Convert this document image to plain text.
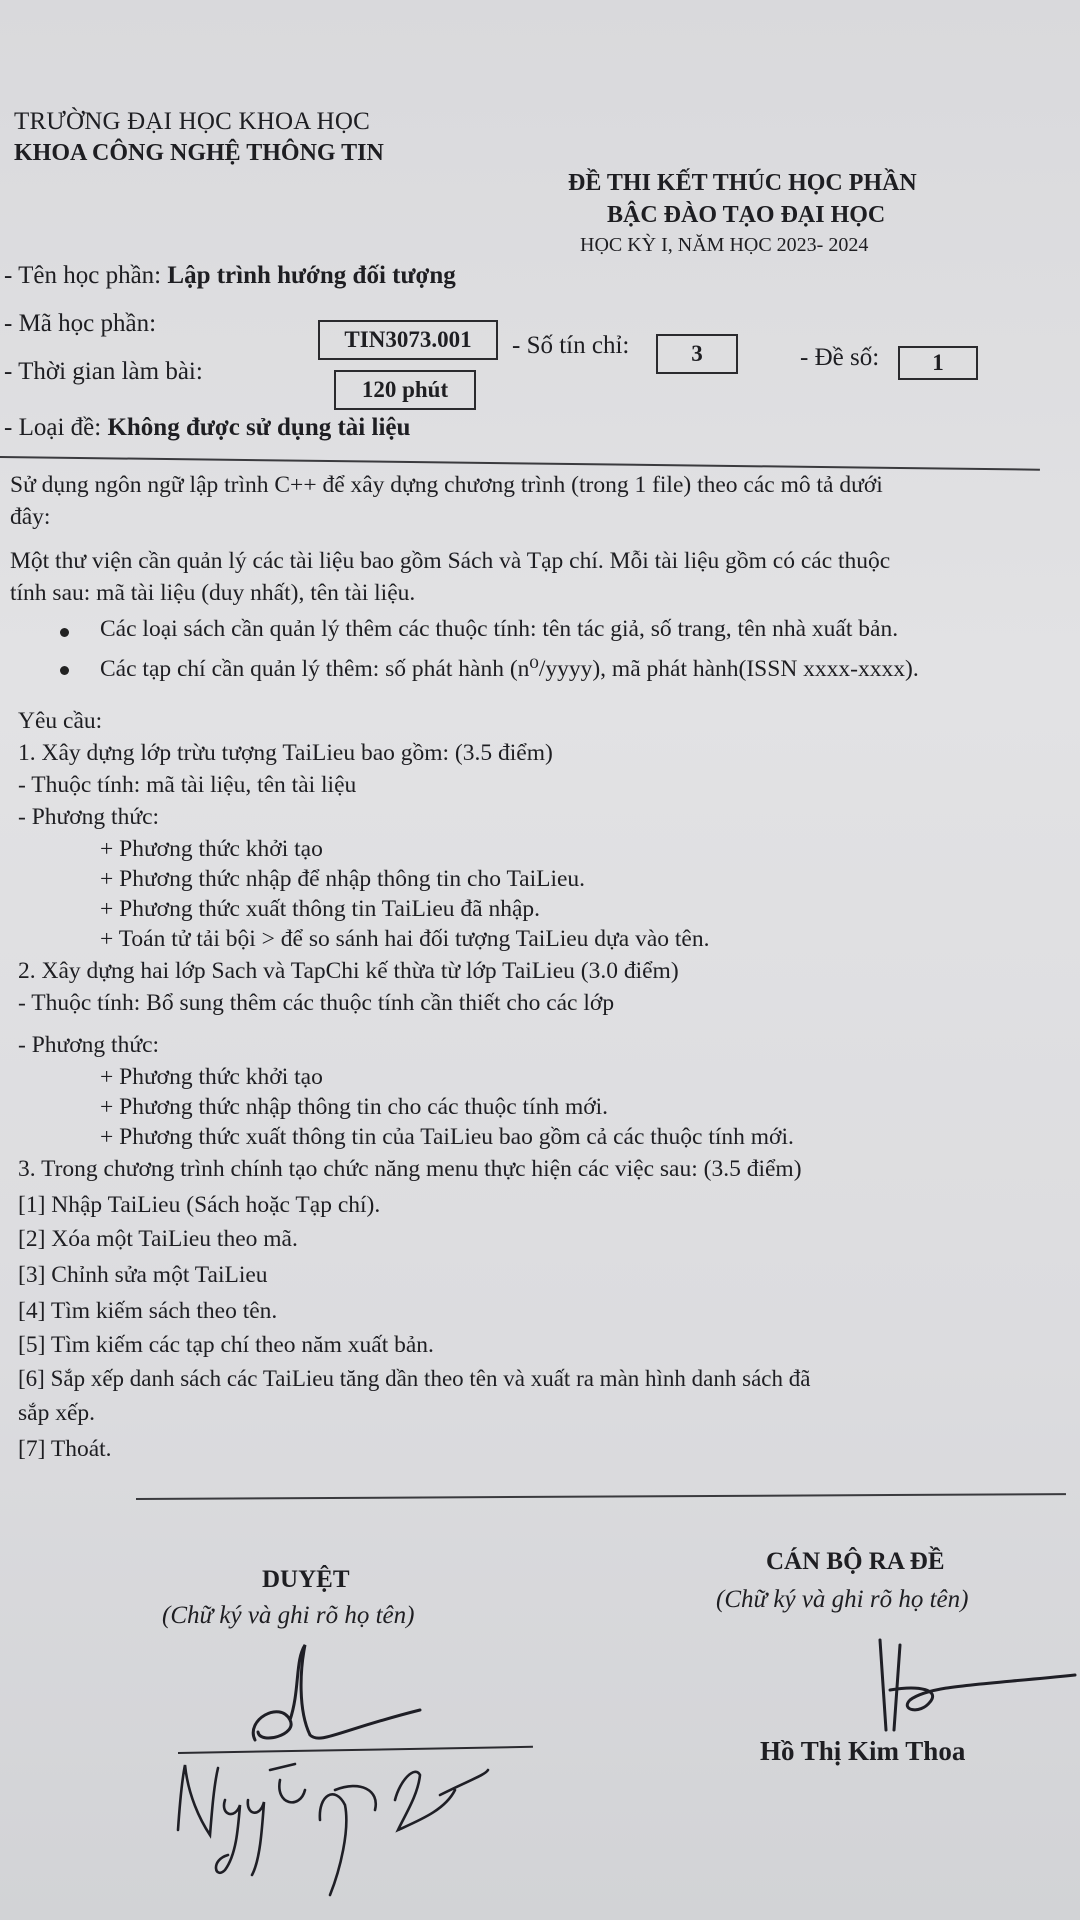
TRƯỜNG ĐẠI HỌC KHOA HỌC
KHOA CÔNG NGHỆ THÔNG TIN
ĐỀ THI KẾT THÚC HỌC PHẦN
BẬC ĐÀO TẠO ĐẠI HỌC
HỌC KỲ I, NĂM HỌC 2023- 2024
- Tên học phần: Lập trình hướng đối tượng
- Mã học phần:
TIN3073.001	- Số tín chỉ:	3	- Đề số:	1
- Thời gian làm bài:
120 phút
- Loại đề: Không được sử dụng tài liệu
Sử dụng ngôn ngữ lập trình C++ để xây dựng chương trình (trong 1 file) theo các mô tả dưới
đây:
Một thư viện cần quản lý các tài liệu bao gồm Sách và Tạp chí. Mỗi tài liệu gồm có các thuộc
tính sau: mã tài liệu (duy nhất), tên tài liệu.
Các loại sách cần quản lý thêm các thuộc tính: tên tác giả, số trang, tên nhà xuất bản.
Các tạp chí cần quản lý thêm: số phát hành (n⁰/yyyy), mã phát hành(ISSN xxxx-xxxx).
Yêu cầu:
1. Xây dựng lớp trừu tượng TaiLieu bao gồm: (3.5 điểm)
- Thuộc tính: mã tài liệu, tên tài liệu
- Phương thức:
+ Phương thức khởi tạo
+ Phương thức nhập để nhập thông tin cho TaiLieu.
+ Phương thức xuất thông tin TaiLieu đã nhập.
+ Toán tử tải bội > để so sánh hai đối tượng TaiLieu dựa vào tên.
2. Xây dựng hai lớp Sach và TapChi kế thừa từ lớp TaiLieu (3.0 điểm)
- Thuộc tính: Bổ sung thêm các thuộc tính cần thiết cho các lớp
- Phương thức:
+ Phương thức khởi tạo
+ Phương thức nhập thông tin cho các thuộc tính mới.
+ Phương thức xuất thông tin của TaiLieu bao gồm cả các thuộc tính mới.
3. Trong chương trình chính tạo chức năng menu thực hiện các việc sau: (3.5 điểm)
[1] Nhập TaiLieu (Sách hoặc Tạp chí).
[2] Xóa một TaiLieu theo mã.
[3] Chỉnh sửa một TaiLieu
[4] Tìm kiếm sách theo tên.
[5] Tìm kiếm các tạp chí theo năm xuất bản.
[6] Sắp xếp danh sách các TaiLieu tăng dần theo tên và xuất ra màn hình danh sách đã
sắp xếp.
[7] Thoát.
DUYỆT
(Chữ ký và ghi rõ họ tên)
CÁN BỘ RA ĐỀ
(Chữ ký và ghi rõ họ tên)
Hồ Thị Kim Thoa
